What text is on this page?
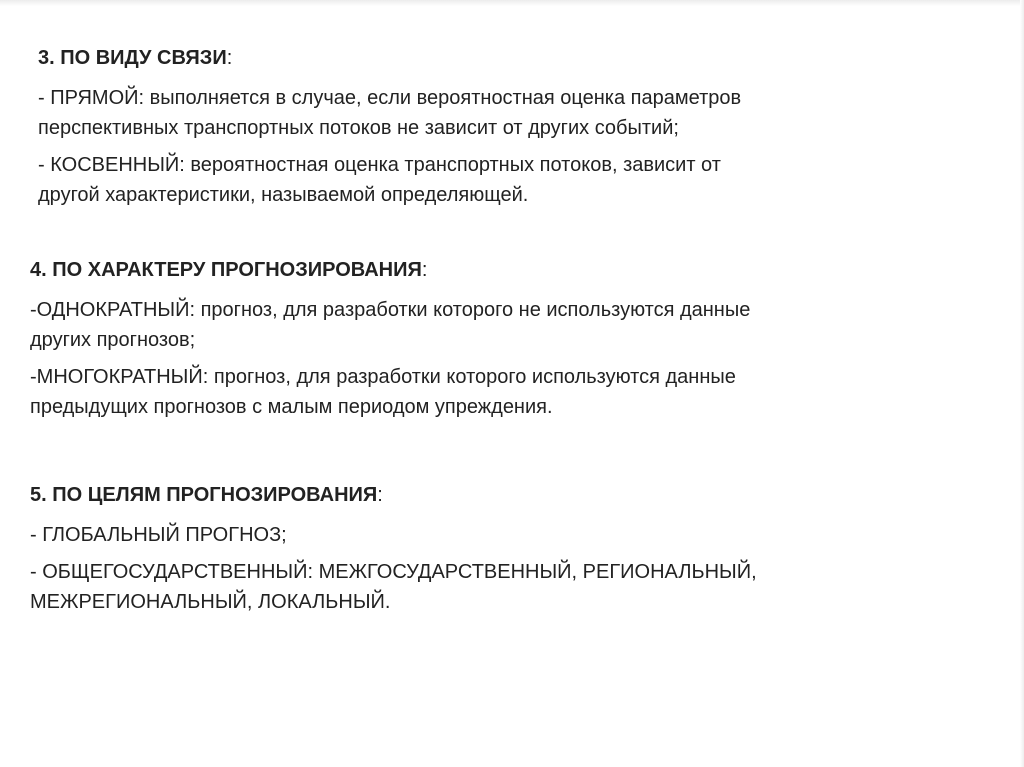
3. ПО ВИДУ СВЯЗИ:
- ПРЯМОЙ: выполняется в случае, если вероятностная оценка параметров
перспективных транспортных потоков не зависит от других событий;
- КОСВЕННЫЙ: вероятностная оценка транспортных потоков, зависит от
другой характеристики, называемой определяющей.
4. ПО ХАРАКТЕРУ ПРОГНОЗИРОВАНИЯ:
-ОДНОКРАТНЫЙ: прогноз, для разработки которого не используются данные
других прогнозов;
-МНОГОКРАТНЫЙ: прогноз, для разработки которого используются данные
предыдущих прогнозов с малым периодом упреждения.
5. ПО ЦЕЛЯМ ПРОГНОЗИРОВАНИЯ:
- ГЛОБАЛЬНЫЙ ПРОГНОЗ;
- ОБЩЕГОСУДАРСТВЕННЫЙ: МЕЖГОСУДАРСТВЕННЫЙ, РЕГИОНАЛЬНЫЙ,
МЕЖРЕГИОНАЛЬНЫЙ, ЛОКАЛЬНЫЙ.
